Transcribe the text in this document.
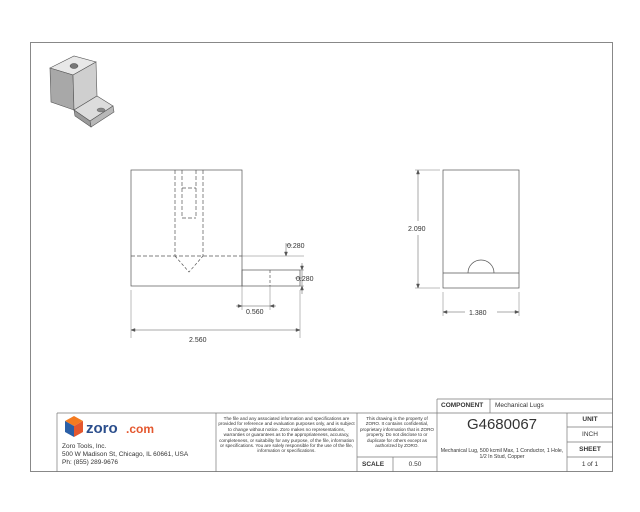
0.280
0.280
0.560
2.560
2.090
1.380
zoro .com
Zoro Tools, Inc.
500 W Madison St, Chicago, IL 60661, USA
Ph: (855) 289-9676
The file and any associated information and specifications are provided for reference and evaluation purposes only, and is subject to change without notice. Zoro makes no representations, warranties or guarantees as to the appropriateness, accuracy, completeness, or suitability for any purpose, of the file, information or specifications. You are solely responsible for the use of the file, information or specifications.
This drawing is the property of ZORO. It contains confidential, proprietary information that is ZORO property. Do not disclose to or duplicate for others except as authorized by ZORO.
COMPONENT Mechanical Lugs
G4680067
Mechanical Lug, 500 kcmil Max, 1 Conductor, 1 Hole, 1/2 In Stud, Copper
UNIT
INCH
SHEET
1 of 1
SCALE	0.50
